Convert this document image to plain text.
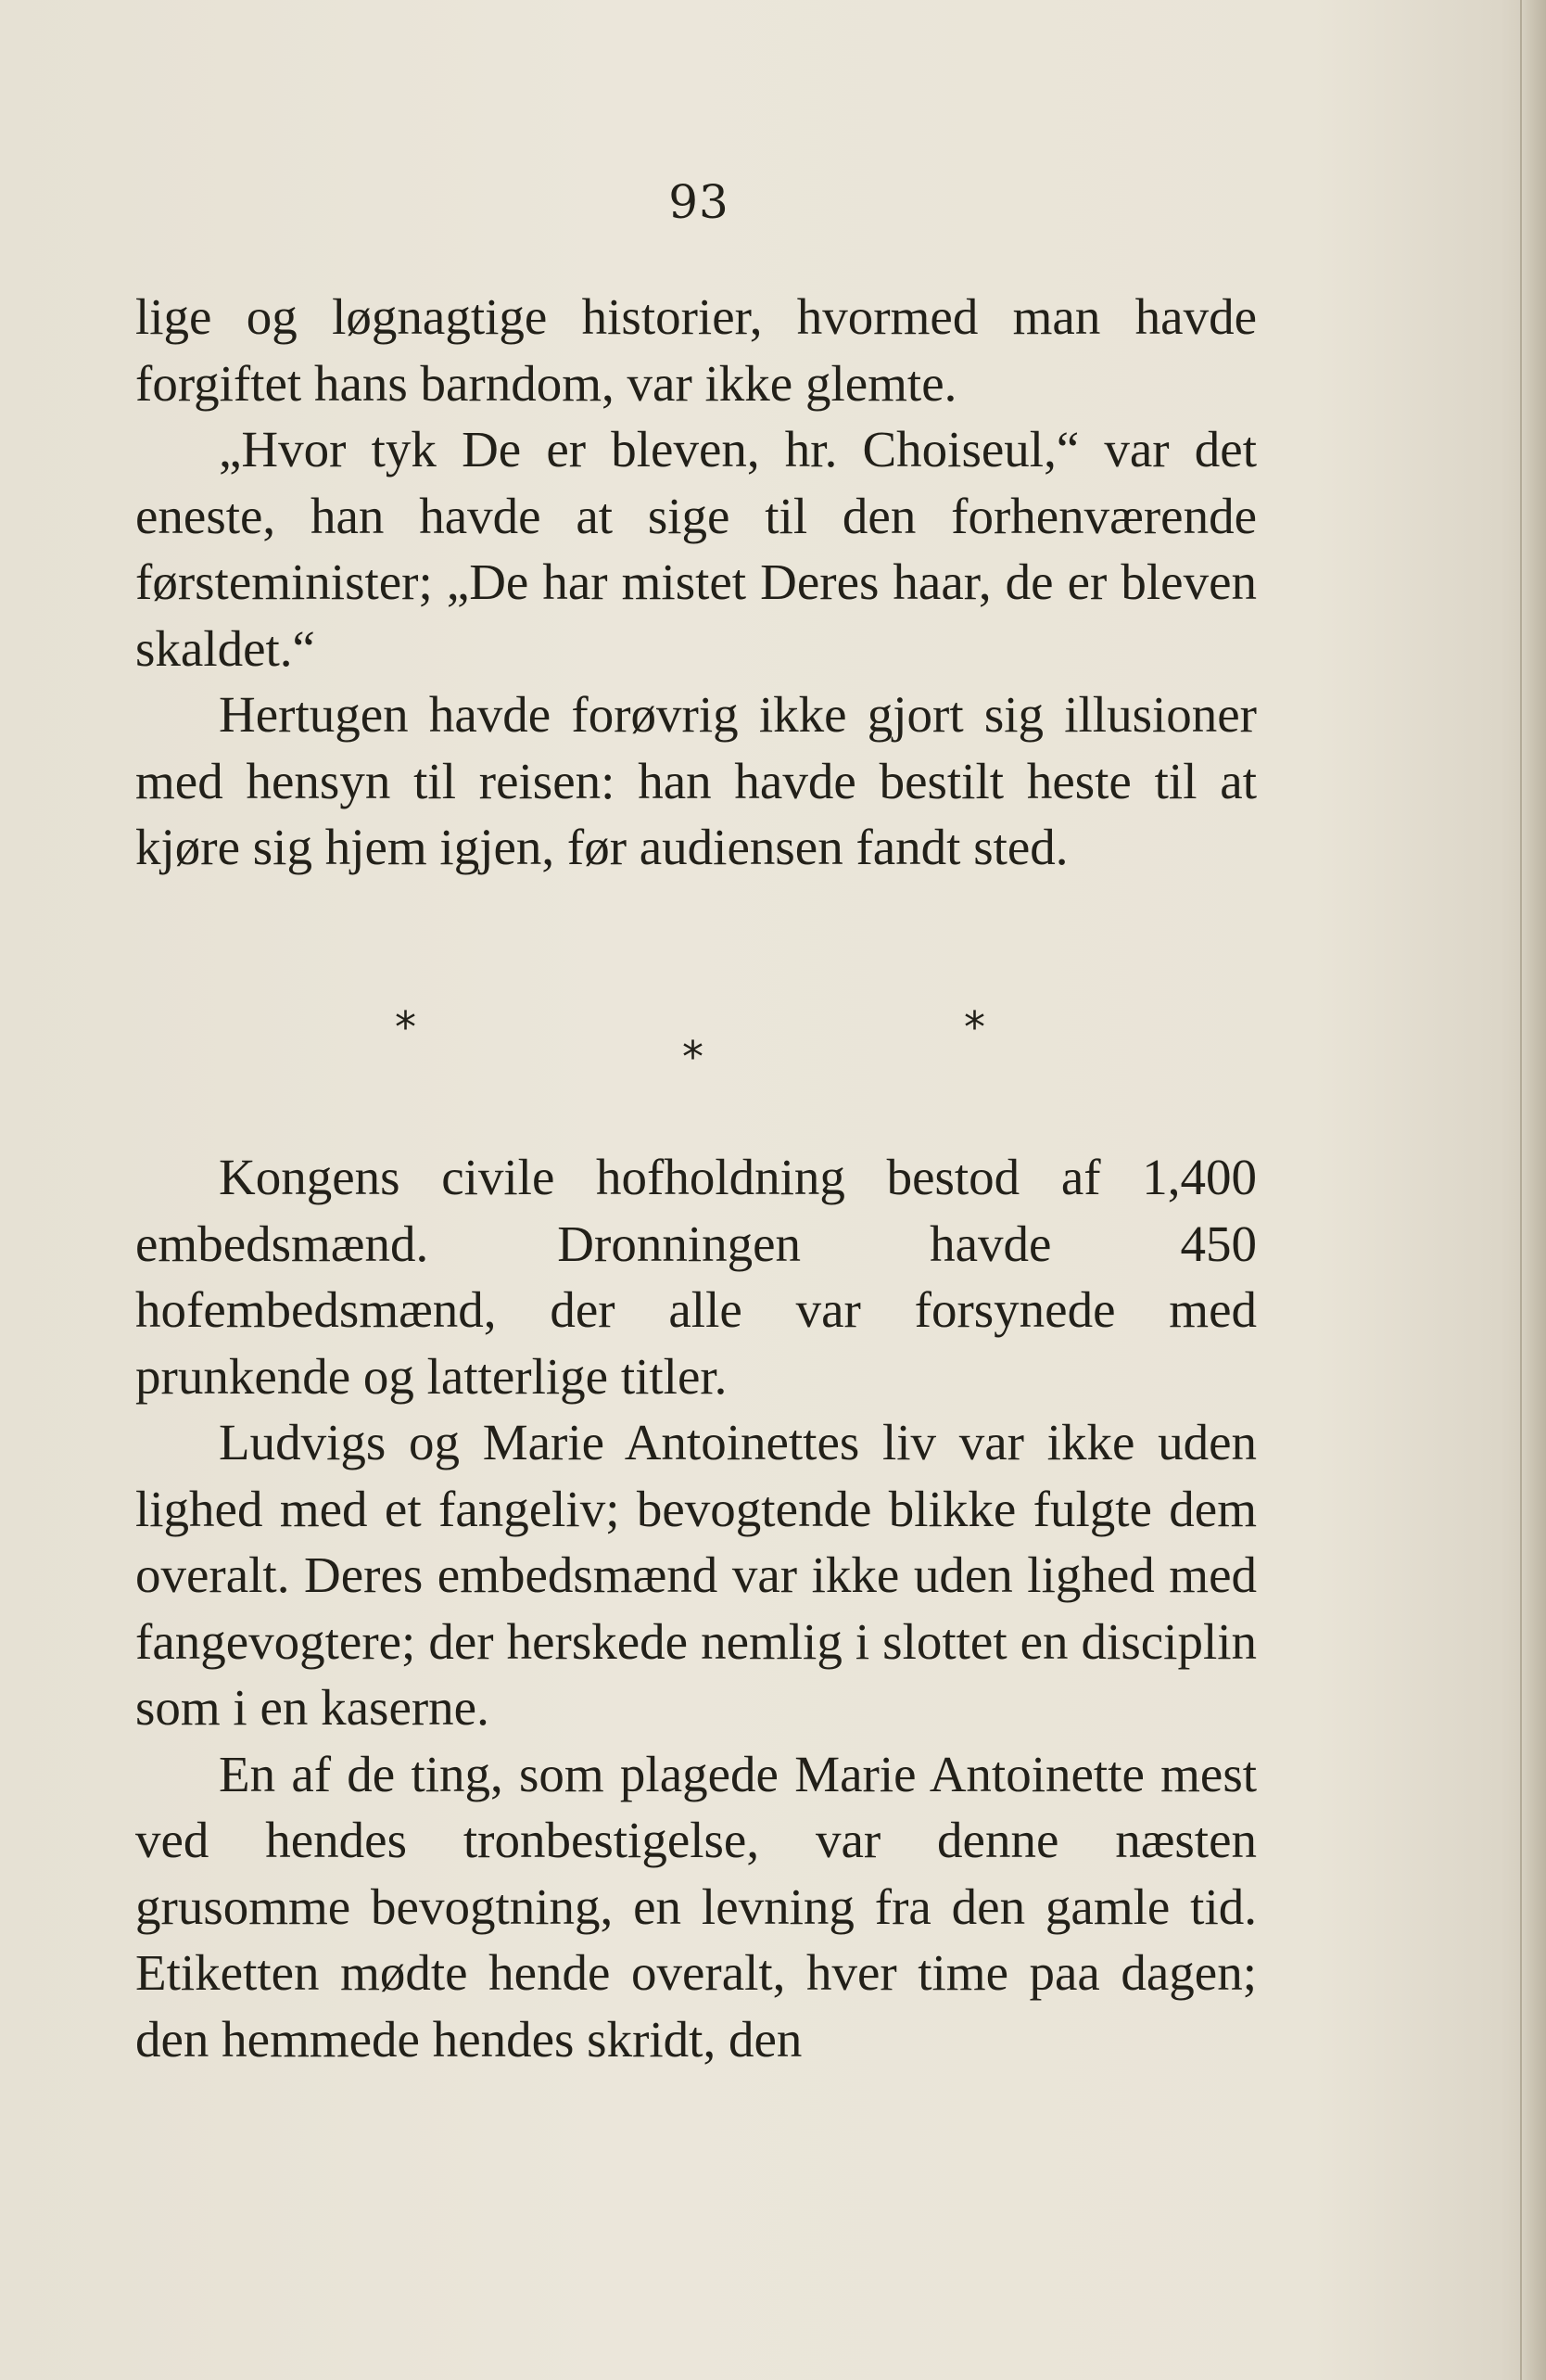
93

lige og løgnagtige historier, hvormed man havde forgiftet hans barndom, var ikke glemte.

„Hvor tyk De er bleven, hr. Choiseul,“ var det eneste, han havde at sige til den forhenværende førsteminister; „De har mistet Deres haar, de er bleven skaldet.“

Hertugen havde forøvrig ikke gjort sig illusioner med hensyn til reisen: han havde bestilt heste til at kjøre sig hjem igjen, før audiensen fandt sted.

*
*
*

Kongens civile hofholdning bestod af 1,400 embedsmænd. Dronningen havde 450 hofembedsmænd, der alle var forsynede med prunkende og latterlige titler.

Ludvigs og Marie Antoinettes liv var ikke uden lighed med et fangeliv; bevogtende blikke fulgte dem overalt. Deres embedsmænd var ikke uden lighed med fangevogtere; der herskede nemlig i slottet en disciplin som i en kaserne.

En af de ting, som plagede Marie Antoinette mest ved hendes tronbestigelse, var denne næsten grusomme bevogtning, en levning fra den gamle tid. Etiketten mødte hende overalt, hver time paa dagen; den hemmede hendes skridt, den
